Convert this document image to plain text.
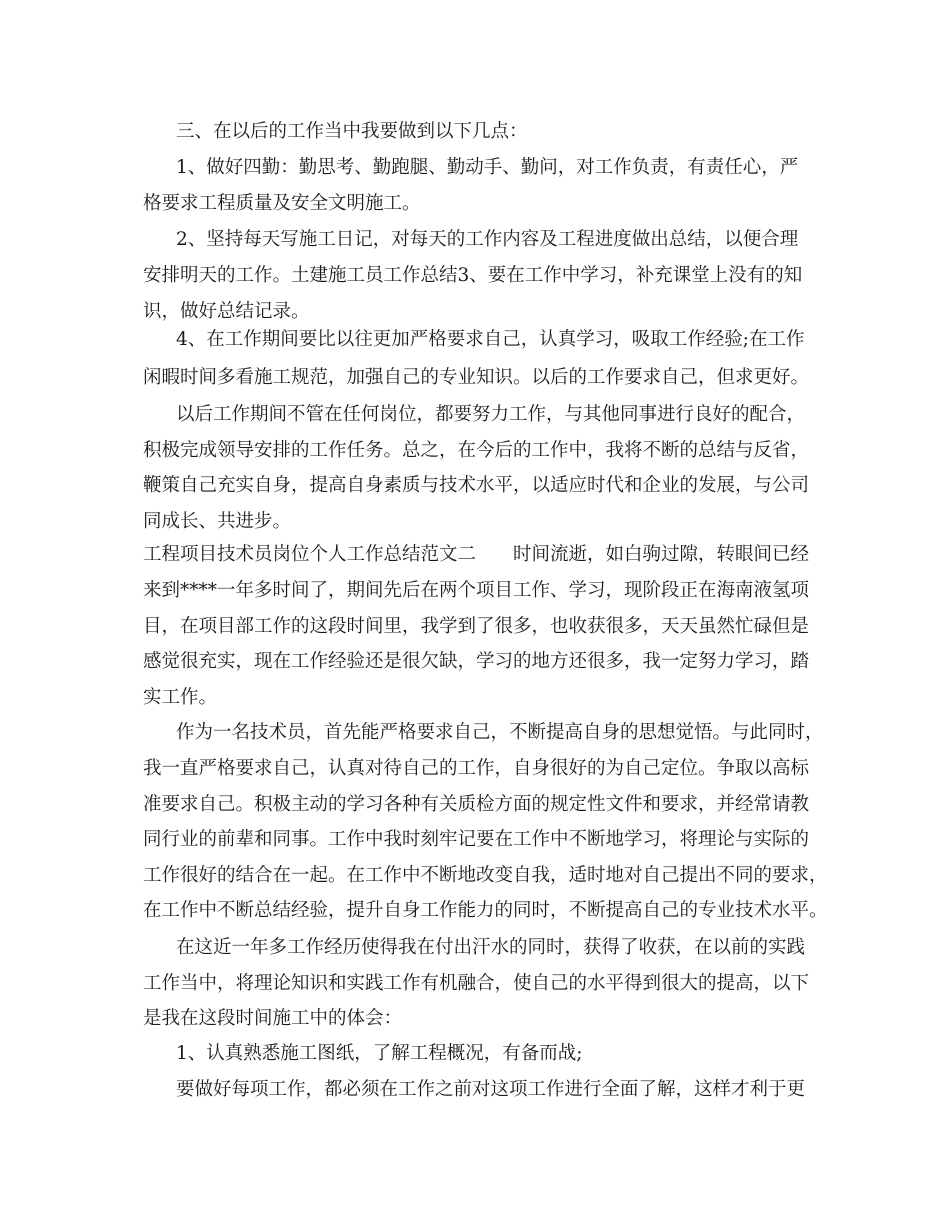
三、在以后的工作当中我要做到以下几点：
1、做好四勤：勤思考、勤跑腿、勤动手、勤问，对工作负责，有责任心，严
格要求工程质量及安全文明施工。
2、坚持每天写施工日记，对每天的工作内容及工程进度做出总结，以便合理
安排明天的工作。土建施工员工作总结3、要在工作中学习，补充课堂上没有的知
识，做好总结记录。
4、在工作期间要比以往更加严格要求自己，认真学习，吸取工作经验;在工作
闲暇时间多看施工规范，加强自己的专业知识。以后的工作要求自己，但求更好。
以后工作期间不管在任何岗位，都要努力工作，与其他同事进行良好的配合，
积极完成领导安排的工作任务。总之，在今后的工作中，我将不断的总结与反省，
鞭策自己充实自身，提高自身素质与技术水平，以适应时代和企业的发展，与公司
同成长、共进步。
工程项目技术员岗位个人工作总结范文二　　时间流逝，如白驹过隙，转眼间已经
来到****一年多时间了，期间先后在两个项目工作、学习，现阶段正在海南液氢项
目，在项目部工作的这段时间里，我学到了很多，也收获很多，天天虽然忙碌但是
感觉很充实，现在工作经验还是很欠缺，学习的地方还很多，我一定努力学习，踏
实工作。
作为一名技术员，首先能严格要求自己，不断提高自身的思想觉悟。与此同时，
我一直严格要求自己，认真对待自己的工作，自身很好的为自己定位。争取以高标
准要求自己。积极主动的学习各种有关质检方面的规定性文件和要求，并经常请教
同行业的前辈和同事。工作中我时刻牢记要在工作中不断地学习，将理论与实际的
工作很好的结合在一起。在工作中不断地改变自我，适时地对自己提出不同的要求，
在工作中不断总结经验，提升自身工作能力的同时，不断提高自己的专业技术水平。
在这近一年多工作经历使得我在付出汗水的同时，获得了收获，在以前的实践
工作当中，将理论知识和实践工作有机融合，使自己的水平得到很大的提高，以下
是我在这段时间施工中的体会：
1、认真熟悉施工图纸，了解工程概况，有备而战;
要做好每项工作，都必须在工作之前对这项工作进行全面了解，这样才利于更
